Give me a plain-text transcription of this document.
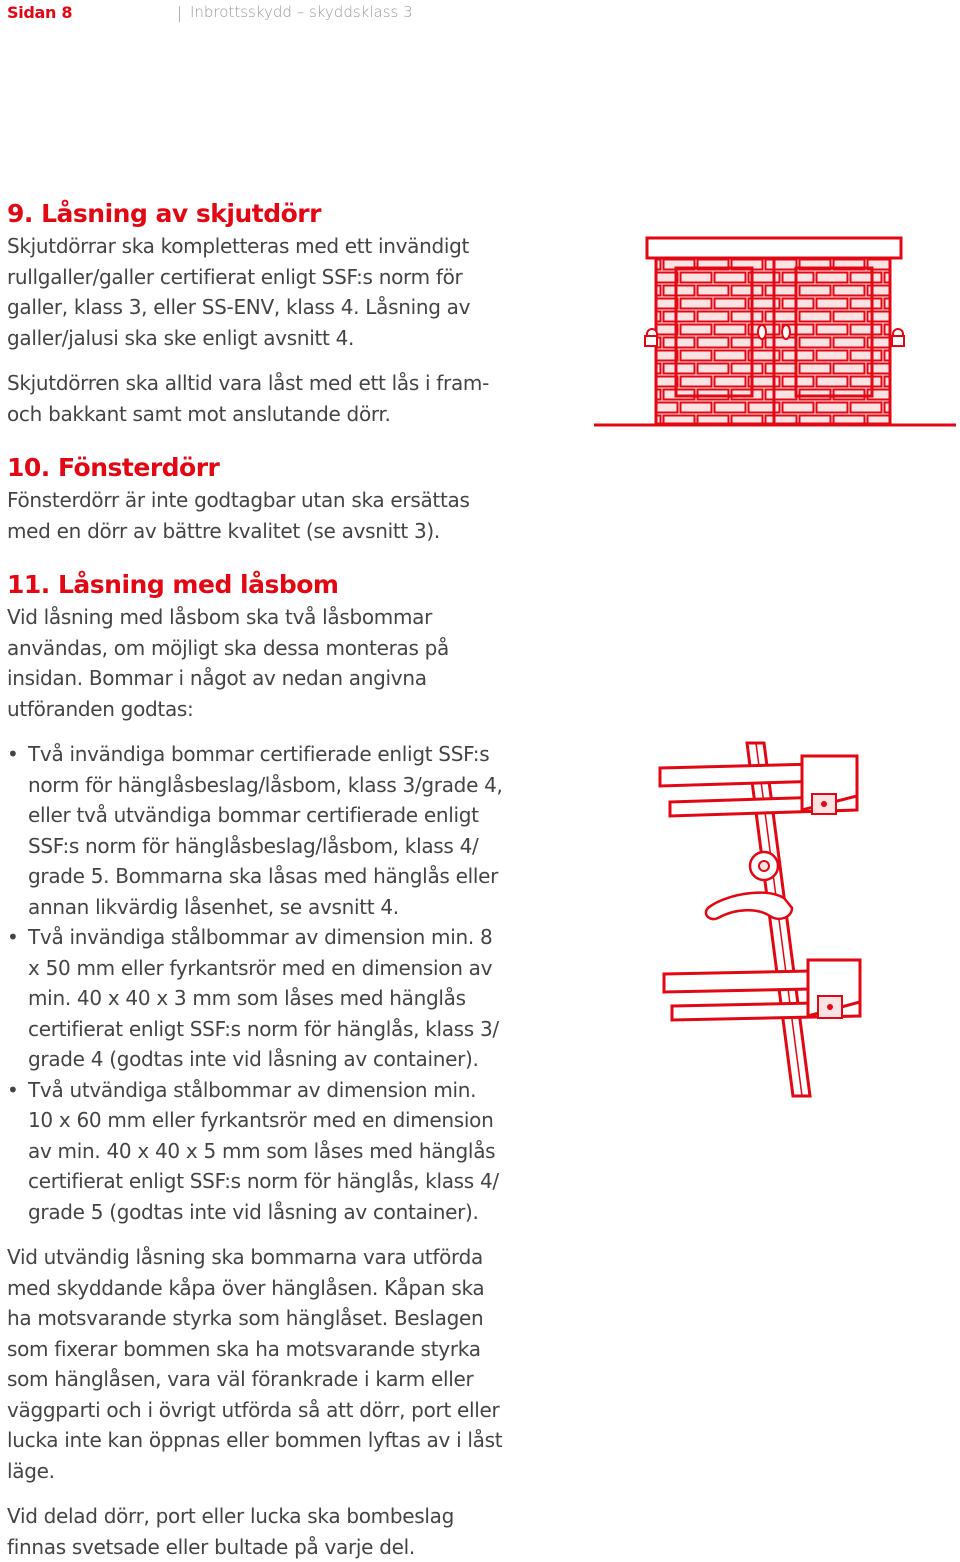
Sidan 8	Inbrottsskydd – skyddsklass 3
9. Låsning av skjutdörr

Skjutdörrar ska kompletteras med ett invändigt rullgaller/galler certifierat enligt SSF:s norm för galler, klass 3, eller SS-ENV, klass 4. Låsning av galler/jalusi ska ske enligt avsnitt 4.

Skjutdörren ska alltid vara låst med ett lås i fram- och bakkant samt mot anslutande dörr.

10. Fönsterdörr

Fönsterdörr är inte godtagbar utan ska ersättas med en dörr av bättre kvalitet (se avsnitt 3).

11. Låsning med låsbom

Vid låsning med låsbom ska två låsbommar användas, om möjligt ska dessa monteras på insidan. Bommar i något av nedan angivna utföranden godtas:

• Två invändiga bommar certifierade enligt SSF:s norm för hänglåsbeslag/låsbom, klass 3/grade 4, eller två utvändiga bommar certifierade enligt SSF:s norm för hänglåsbeslag/låsbom, klass 4/ grade 5. Bommarna ska låsas med hänglås eller annan likvärdig låsenhet, se avsnitt 4.
• Två invändiga stålbommar av dimension min. 8 x 50 mm eller fyrkantsrör med en dimension av min. 40 x 40 x 3 mm som låses med hänglås certifierat enligt SSF:s norm för hänglås, klass 3/ grade 4 (godtas inte vid låsning av container).
• Två utvändiga stålbommar av dimension min. 10 x 60 mm eller fyrkantsrör med en dimension av min. 40 x 40 x 5 mm som låses med hänglås certifierat enligt SSF:s norm för hänglås, klass 4/ grade 5 (godtas inte vid låsning av container).

Vid utvändig låsning ska bommarna vara utförda med skyddande kåpa över hänglåsen. Kåpan ska ha motsvarande styrka som hänglåset. Beslagen som fixerar bommen ska ha motsvarande styrka som hänglåsen, vara väl förankrade i karm eller väggparti och i övrigt utförda så att dörr, port eller lucka inte kan öppnas eller bommen lyftas av i låst läge.

Vid delad dörr, port eller lucka ska bombeslag finnas svetsade eller bultade på varje del.
